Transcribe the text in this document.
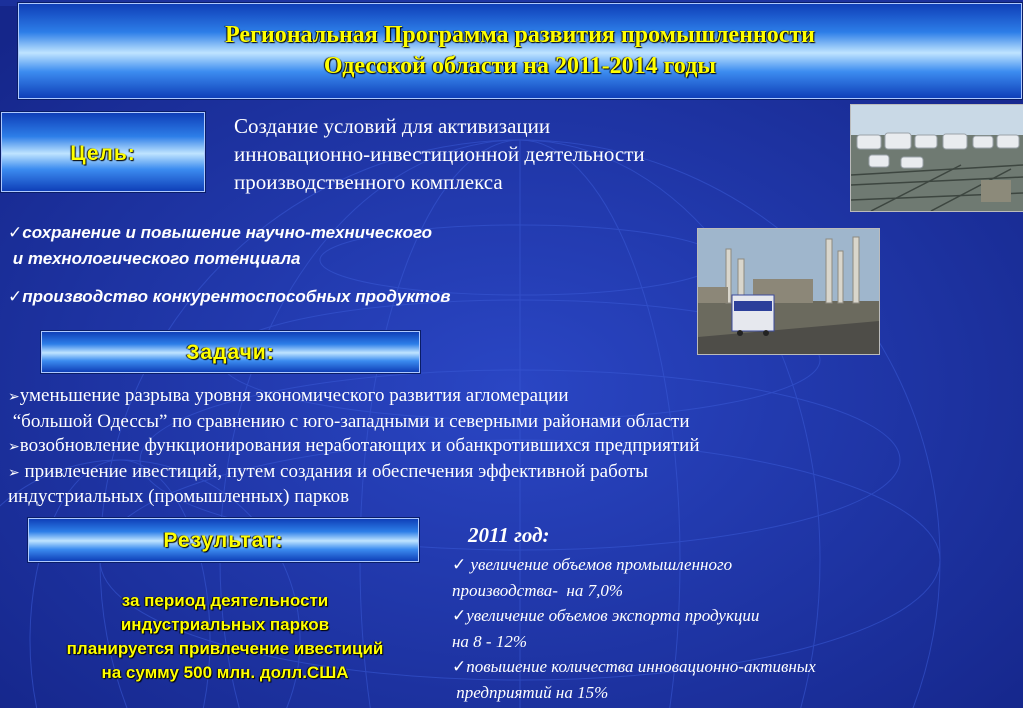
Региональная Программа развития промышленности
Одесской области на 2011-2014 годы
Цель:
Создание условий для активизации
инновационно-инвестиционной деятельности
производственного комплекса
✓сохранение и повышение научно-технического
и технологического потенциала
✓производство конкурентоспособных продуктов
Задачи:
➢уменьшение разрыва уровня экономического развития агломерации
“большой Одессы” по сравнению с юго-западными и северными районами области
➢возобновление функционирования неработающих и обанкротившихся предприятий
➢ привлечение ивестиций, путем создания и обеспечения эффективной работы
индустриальных (промышленных) парков
Результат:
за период деятельности
индустриальных парков
планируется привлечение ивестиций
на сумму 500 млн. долл.США
2011 год:
✓ увеличение объемов промышленного
производства-  на 7,0%
✓увеличение объемов экспорта продукции
на 8 - 12%
✓повышение количества инновационно-активных
предприятий на 15%
